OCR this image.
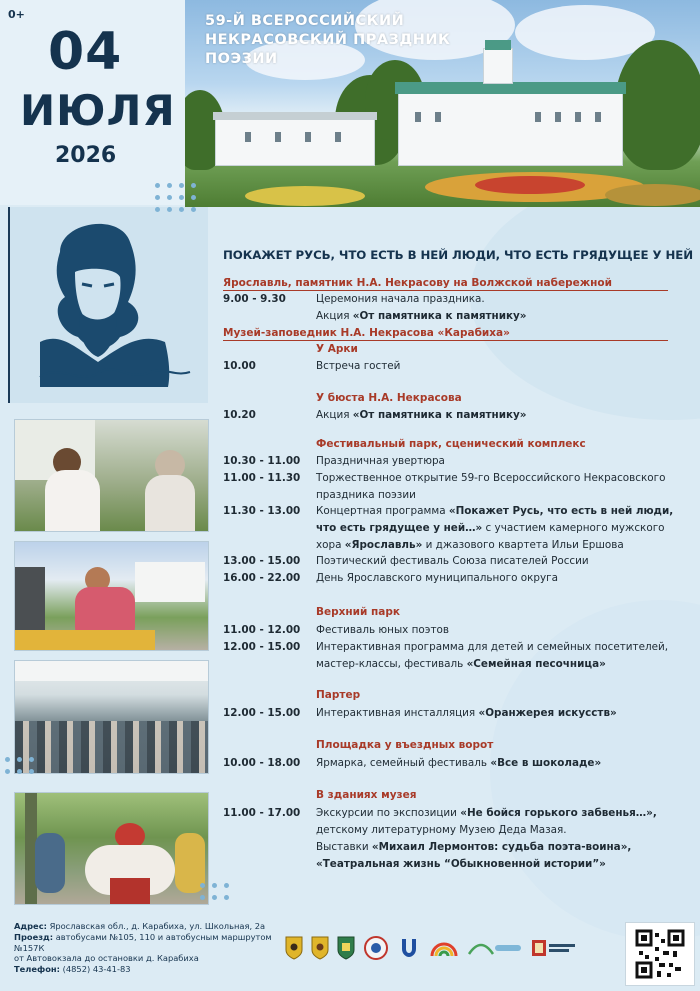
0+
04
ИЮЛЯ
2026
59-Й ВСЕРОССИЙСКИЙ
НЕКРАСОВСКИЙ ПРАЗДНИК
ПОЭЗИИ
ПОКАЖЕТ РУСЬ, ЧТО ЕСТЬ В НЕЙ ЛЮДИ, ЧТО ЕСТЬ ГРЯДУЩЕЕ У НЕЙ
Ярославль, памятник Н.А. Некрасову на Волжской набережной
9.00 - 9.30	Церемония начала праздника.
Акция «От памятника к памятнику»
Музей-заповедник Н.А. Некрасова «Карабиха»
У Арки
10.00	Встреча гостей
У бюста Н.А. Некрасова
10.20	Акция «От памятника к памятнику»
Фестивальный парк, сценический комплекс
10.30 - 11.00	Праздничная увертюра
11.00 - 11.30	Торжественное открытие 59-го Всероссийского Некрасовского
праздника поэзии
11.30 - 13.00	Концертная программа «Покажет Русь, что есть в ней люди,
что есть грядущее у ней…» с участием камерного мужского
хора «Ярославль» и джазового квартета Ильи Ершова
13.00 - 15.00	Поэтический фестиваль Союза писателей России
16.00 - 22.00	День Ярославского муниципального округа
Верхний парк
11.00 - 12.00	Фестиваль юных поэтов
12.00 - 15.00	Интерактивная программа для детей и семейных посетителей,
мастер-классы, фестиваль «Семейная песочница»
Партер
12.00 - 15.00	Интерактивная инсталляция «Оранжерея искусств»
Площадка у въездных ворот
10.00 - 18.00	Ярмарка, семейный фестиваль «Все в шоколаде»
В зданиях музея
11.00 - 17.00	Экскурсии по экспозиции «Не бойся горького забвенья…»,
детскому литературному Музею Деда Мазая.
Выставки «Михаил Лермонтов: судьба поэта-воина»,
«Театральная жизнь “Обыкновенной истории”»
Адрес: Ярославская обл., д. Карабиха, ул. Школьная, 2а
Проезд: автобусами №105, 110 и автобусным маршрутом №157К
от Автовокзала до остановки д. Карабиха
Телефон: (4852) 43-41-83
